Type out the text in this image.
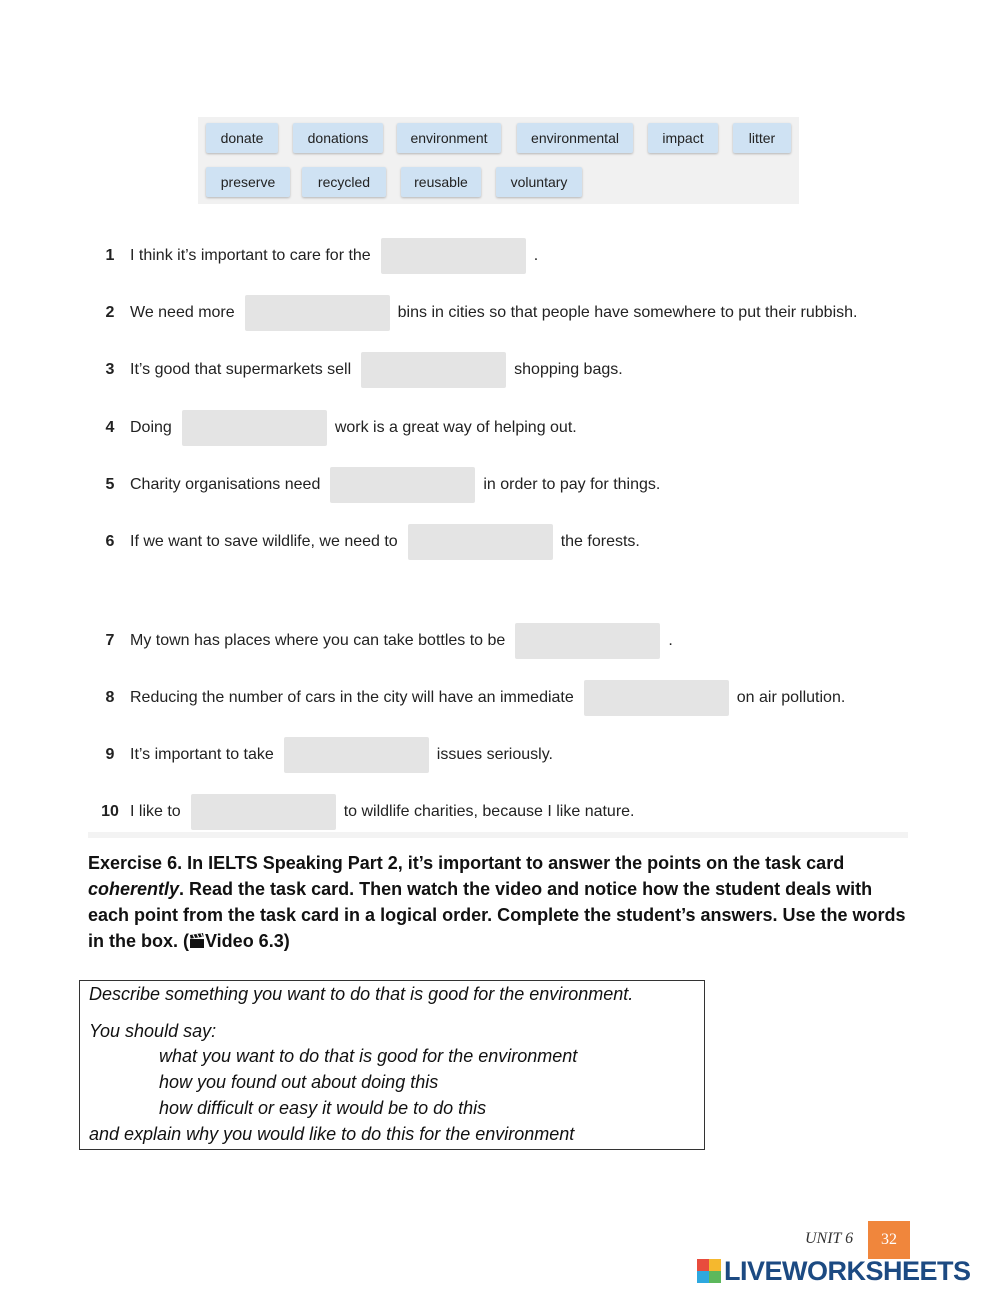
donate	donations	environment	environmental	impact	litter
preserve	recycled	reusable	voluntary
1 I think it’s important to care for the	.
2 We need more	bins in cities so that people have somewhere to put their rubbish.
3 It’s good that supermarkets sell	shopping bags.
4 Doing	work is a great way of helping out.
5 Charity organisations need	in order to pay for things.
6 If we want to save wildlife, we need to	the forests.
7 My town has places where you can take bottles to be	.
8 Reducing the number of cars in the city will have an immediate	on air pollution.
9 It’s important to take	issues seriously.
10 I like to	to wildlife charities, because I like nature.
Exercise 6. In IELTS Speaking Part 2, it’s important to answer the points on the task card coherently. Read the task card. Then watch the video and notice how the student deals with each point from the task card in a logical order. Complete the student’s answers. Use the words in the box. ( Video 6.3)
Describe something you want to do that is good for the environment.
You should say:
what you want to do that is good for the environment
how you found out about doing this
how difficult or easy it would be to do this
and explain why you would like to do this for the environment
UNIT 6	32
LIVEWORKSHEETS
